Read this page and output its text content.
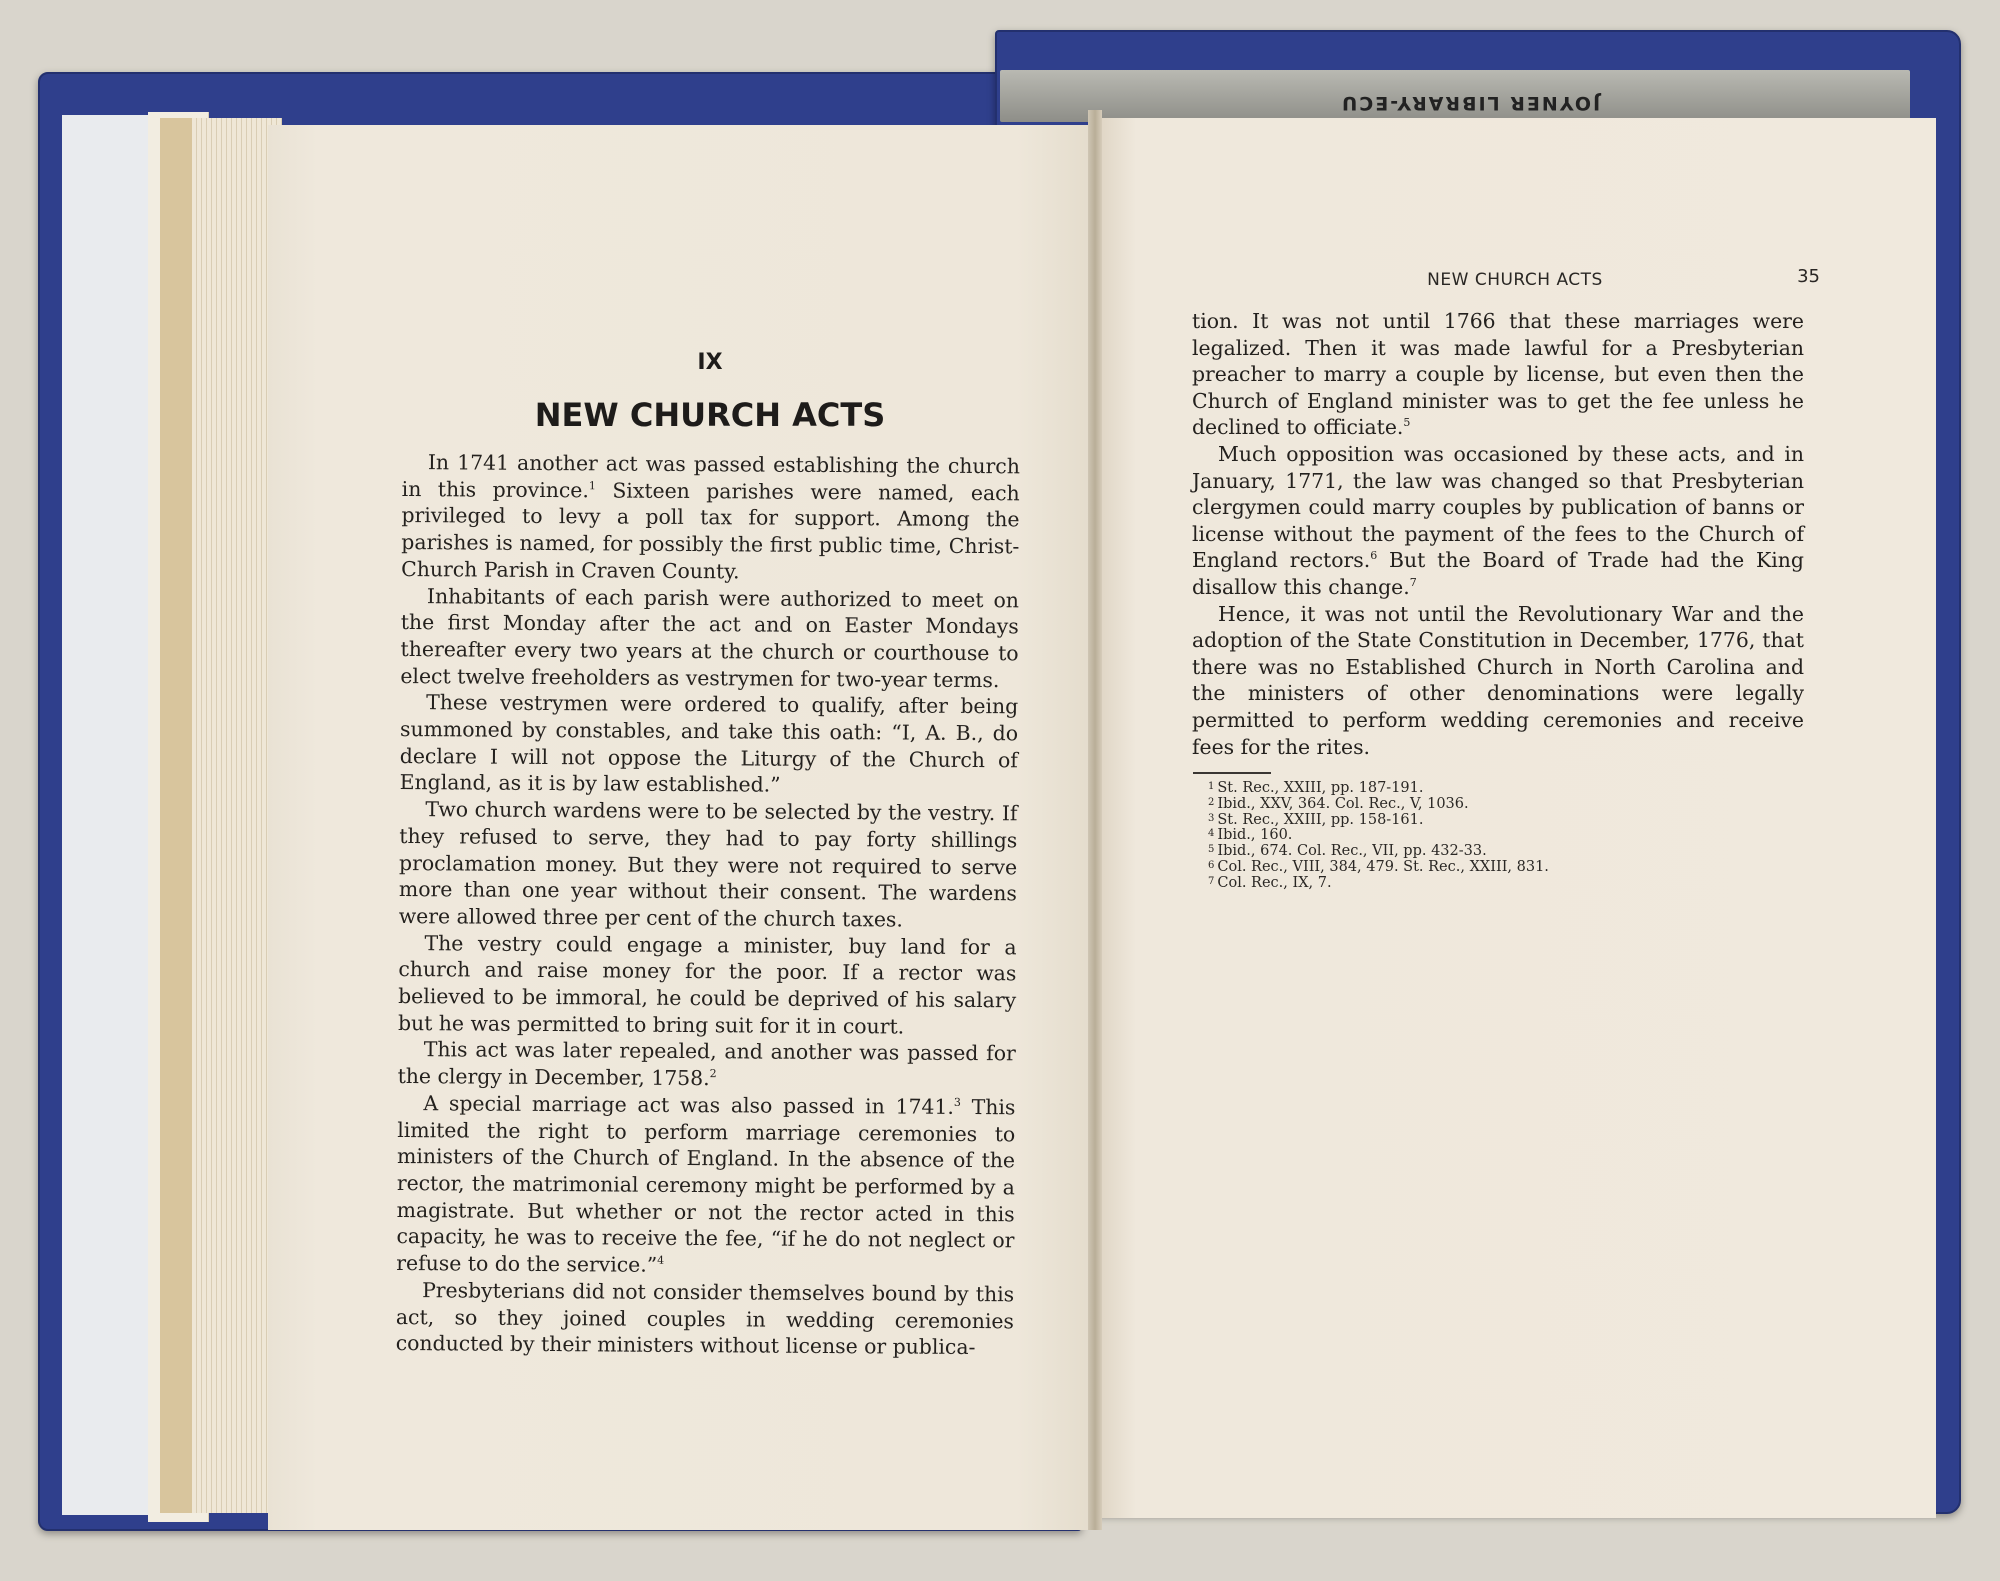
JOYNER LIBRARY-ECU
IX
NEW CHURCH ACTS

In 1741 another act was passed establishing the church in this province.$^1$ Sixteen parishes were named, each privileged to levy a poll tax for support. Among the parishes is named, for possibly the first public time, Christ-Church Parish in Craven County.

Inhabitants of each parish were authorized to meet on the first Monday after the act and on Easter Mondays thereafter every two years at the church or courthouse to elect twelve freeholders as vestrymen for two-year terms.

These vestrymen were ordered to qualify, after being summoned by constables, and take this oath: “I, A. B., do declare I will not oppose the Liturgy of the Church of England, as it is by law established.”

Two church wardens were to be selected by the vestry. If they refused to serve, they had to pay forty shillings proclamation money. But they were not required to serve more than one year without their consent. The wardens were allowed three per cent of the church taxes.

The vestry could engage a minister, buy land for a church and raise money for the poor. If a rector was believed to be immoral, he could be deprived of his salary but he was permitted to bring suit for it in court.

This act was later repealed, and another was passed for the clergy in December, 1758.$^2$

A special marriage act was also passed in 1741.$^3$ This limited the right to perform marriage ceremonies to ministers of the Church of England. In the absence of the rector, the matrimonial ceremony might be performed by a magistrate. But whether or not the rector acted in this capacity, he was to receive the fee, “if he do not neglect or refuse to do the service.”$^4$

Presbyterians did not consider themselves bound by this act, so they joined couples in wedding ceremonies conducted by their ministers without license or publica-

NEW CHURCH ACTS	35

tion. It was not until 1766 that these marriages were legalized. Then it was made lawful for a Presbyterian preacher to marry a couple by license, but even then the Church of England minister was to get the fee unless he declined to officiate.$^5$

Much opposition was occasioned by these acts, and in January, 1771, the law was changed so that Presbyterian clergymen could marry couples by publication of banns or license without the payment of the fees to the Church of England rectors.$^6$ But the Board of Trade had the King disallow this change.$^7$

Hence, it was not until the Revolutionary War and the adoption of the State Constitution in December, 1776, that there was no Established Church in North Carolina and the ministers of other denominations were legally permitted to perform wedding ceremonies and receive fees for the rites.

$^1$ St. Rec., XXIII, pp. 187-191.
$^2$ Ibid., XXV, 364. Col. Rec., V, 1036.
$^3$ St. Rec., XXIII, pp. 158-161.
$^4$ Ibid., 160.
$^5$ Ibid., 674. Col. Rec., VII, pp. 432-33.
$^6$ Col. Rec., VIII, 384, 479. St. Rec., XXIII, 831.
$^7$ Col. Rec., IX, 7.
